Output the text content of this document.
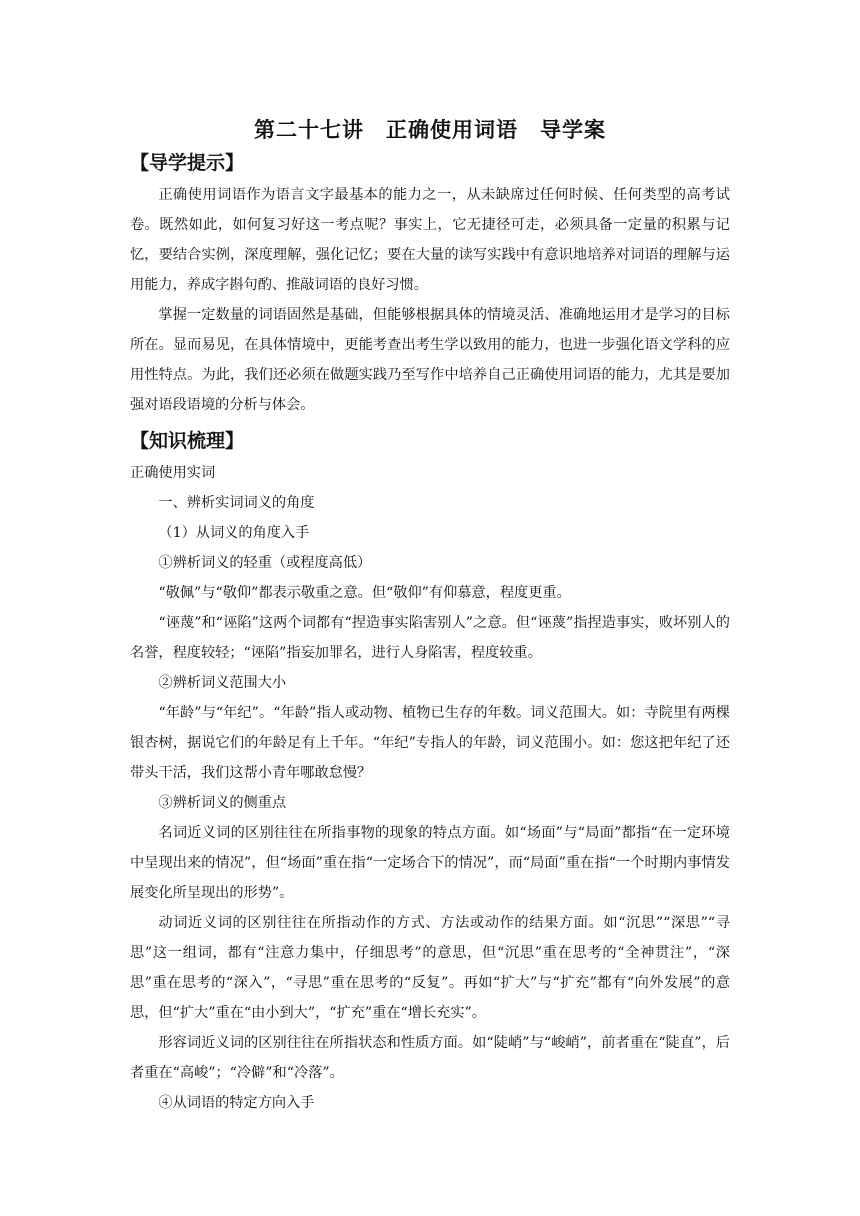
第二十七讲　正确使用词语　导学案
【导学提示】

正确使用词语作为语言文字最基本的能力之一，从未缺席过任何时候、任何类型的高考试卷。既然如此，如何复习好这一考点呢？事实上，它无捷径可走，必须具备一定量的积累与记忆，要结合实例，深度理解，强化记忆；要在大量的读写实践中有意识地培养对词语的理解与运用能力，养成字斟句酌、推敲词语的良好习惯。

掌握一定数量的词语固然是基础，但能够根据具体的情境灵活、准确地运用才是学习的目标所在。显而易见，在具体情境中，更能考查出考生学以致用的能力，也进一步强化语文学科的应用性特点。为此，我们还必须在做题实践乃至写作中培养自己正确使用词语的能力，尤其是要加强对语段语境的分析与体会。

【知识梳理】

正确使用实词

一、辨析实词词义的角度

（1）从词义的角度入手

①辨析词义的轻重（或程度高低）

“敬佩”与“敬仰”都表示敬重之意。但“敬仰”有仰慕意，程度更重。

“诬蔑”和“诬陷”这两个词都有“捏造事实陷害别人”之意。但“诬蔑”指捏造事实，败坏别人的名誉，程度较轻；“诬陷”指妄加罪名，进行人身陷害，程度较重。

②辨析词义范围大小

“年龄”与“年纪”。“年龄”指人或动物、植物已生存的年数。词义范围大。如：寺院里有两棵银杏树，据说它们的年龄足有上千年。“年纪”专指人的年龄，词义范围小。如：您这把年纪了还带头干活，我们这帮小青年哪敢怠慢？

③辨析词义的侧重点

名词近义词的区别往往在所指事物的现象的特点方面。如“场面”与“局面”都指“在一定环境中呈现出来的情况”，但“场面”重在指“一定场合下的情况”，而“局面”重在指“一个时期内事情发展变化所呈现出的形势”。

动词近义词的区别往往在所指动作的方式、方法或动作的结果方面。如“沉思”“深思”“寻思”这一组词，都有“注意力集中，仔细思考”的意思，但“沉思”重在思考的“全神贯注”，“深思”重在思考的“深入”，“寻思”重在思考的“反复”。再如“扩大”与“扩充”都有“向外发展”的意思，但“扩大”重在“由小到大”，“扩充”重在“增长充实”。

形容词近义词的区别往往在所指状态和性质方面。如“陡峭”与“峻峭”，前者重在“陡直”，后者重在“高峻”；“冷僻”和“冷落”。

④从词语的特定方向入手
